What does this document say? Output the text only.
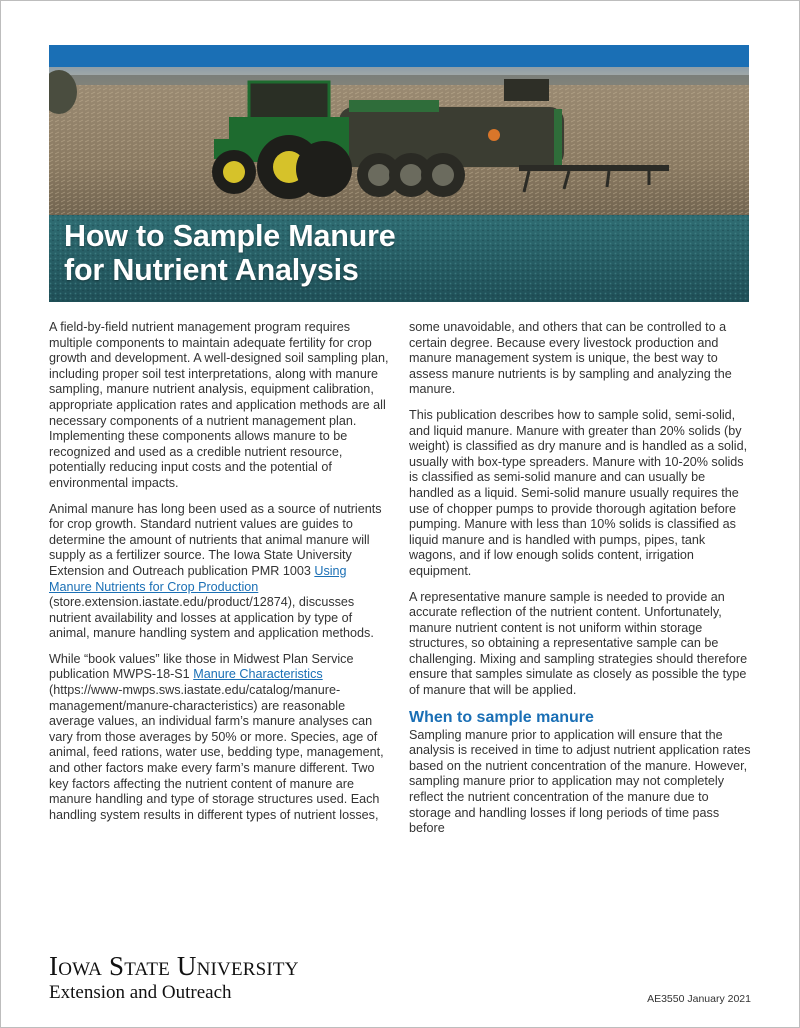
How to Sample Manure
for Nutrient Analysis

A field-by-field nutrient management program requires multiple components to maintain adequate fertility for crop growth and development. A well-designed soil sampling plan, including proper soil test interpretations, along with manure sampling, manure nutrient analysis, equipment calibration, appropriate application rates and application methods are all necessary components of a nutrient management plan. Implementing these components allows manure to be recognized and used as a credible nutrient resource, potentially reducing input costs and the potential of environmental impacts.

Animal manure has long been used as a source of nutrients for crop growth. Standard nutrient values are guides to determine the amount of nutrients that animal manure will supply as a fertilizer source. The Iowa State University Extension and Outreach publication PMR 1003 Using Manure Nutrients for Crop Production (store.extension.iastate.edu/product/12874), discusses nutrient availability and losses at application by type of animal, manure handling system and application methods.

While “book values” like those in Midwest Plan Service publication MWPS-18-S1 Manure Characteristics (https://www-mwps.sws.iastate.edu/catalog/manure-management/manure-characteristics) are reasonable average values, an individual farm’s manure analyses can vary from those averages by 50% or more. Species, age of animal, feed rations, water use, bedding type, management, and other factors make every farm’s manure different. Two key factors affecting the nutrient content of manure are manure handling and type of storage structures used. Each handling system results in different types of nutrient losses,

some unavoidable, and others that can be controlled to a certain degree. Because every livestock production and manure management system is unique, the best way to assess manure nutrients is by sampling and analyzing the manure.

This publication describes how to sample solid, semi-solid, and liquid manure. Manure with greater than 20% solids (by weight) is classified as dry manure and is handled as a solid, usually with box-type spreaders. Manure with 10-20% solids is classified as semi-solid manure and can usually be handled as a liquid. Semi-solid manure usually requires the use of chopper pumps to provide thorough agitation before pumping. Manure with less than 10% solids is classified as liquid manure and is handled with pumps, pipes, tank wagons, and if low enough solids content, irrigation equipment.

A representative manure sample is needed to provide an accurate reflection of the nutrient content. Unfortunately, manure nutrient content is not uniform within storage structures, so obtaining a representative sample can be challenging. Mixing and sampling strategies should therefore ensure that samples simulate as closely as possible the type of manure that will be applied.

When to sample manure

Sampling manure prior to application will ensure that the analysis is received in time to adjust nutrient application rates based on the nutrient concentration of the manure. However, sampling manure prior to application may not completely reflect the nutrient concentration of the manure due to storage and handling losses if long periods of time pass before

Iowa State University
Extension and Outreach	AE3550 January 2021
